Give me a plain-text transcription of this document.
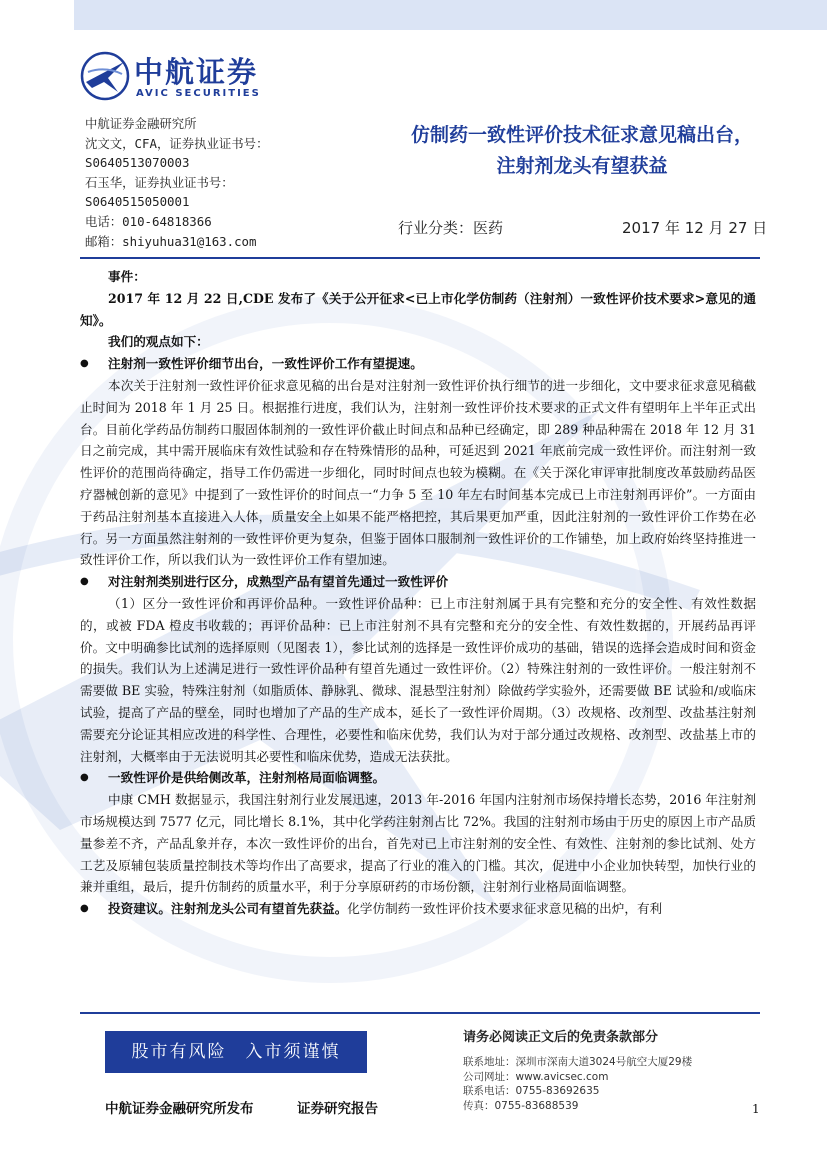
中航证券
AVIC SECURITIES
中航证券金融研究所
沈文文，CFA，证券执业证书号：
S0640513070003
石玉华，证券执业证书号：
S0640515050001
电话：010-64818366
邮箱：shiyuhua31@163.com
仿制药一致性评价技术征求意见稿出台，
注射剂龙头有望获益
行业分类：医药	2017 年 12 月 27 日

事件：

2017 年 12 月 22 日,CDE 发布了《关于公开征求<已上市化学仿制药（注射剂）一致性评价技术要求>意见的通知》。

我们的观点如下：

● 注射剂一致性评价细节出台，一致性评价工作有望提速。

本次关于注射剂一致性评价征求意见稿的出台是对注射剂一致性评价执行细节的进一步细化，文中要求征求意见稿截止时间为 2018 年 1 月 25 日。根据推行进度，我们认为，注射剂一致性评价技术要求的正式文件有望明年上半年正式出台。目前化学药品仿制药口服固体制剂的一致性评价截止时间点和品种已经确定，即 289 种品种需在 2018 年 12 月 31 日之前完成，其中需开展临床有效性试验和存在特殊情形的品种，可延迟到 2021 年底前完成一致性评价。而注射剂一致性评价的范围尚待确定，指导工作仍需进一步细化，同时时间点也较为模糊。在《关于深化审评审批制度改革鼓励药品医疗器械创新的意见》中提到了一致性评价的时间点一“力争 5 至 10 年左右时间基本完成已上市注射剂再评价”。一方面由于药品注射剂基本直接进入人体，质量安全上如果不能严格把控，其后果更加严重，因此注射剂的一致性评价工作势在必行。另一方面虽然注射剂的一致性评价更为复杂，但鉴于固体口服制剂一致性评价的工作铺垫，加上政府始终坚持推进一致性评价工作，所以我们认为一致性评价工作有望加速。

● 对注射剂类别进行区分，成熟型产品有望首先通过一致性评价

（1）区分一致性评价和再评价品种。一致性评价品种：已上市注射剂属于具有完整和充分的安全性、有效性数据的，或被 FDA 橙皮书收载的；再评价品种：已上市注射剂不具有完整和充分的安全性、有效性数据的，开展药品再评价。文中明确参比试剂的选择原则（见图表 1），参比试剂的选择是一致性评价成功的基础，错误的选择会造成时间和资金的损失。我们认为上述满足进行一致性评价品种有望首先通过一致性评价。（2）特殊注射剂的一致性评价。一般注射剂不需要做 BE 实验，特殊注射剂（如脂质体、静脉乳、微球、混悬型注射剂）除做药学实验外，还需要做 BE 试验和/或临床试验，提高了产品的壁垒，同时也增加了产品的生产成本，延长了一致性评价周期。（3）改规格、改剂型、改盐基注射剂需要充分论证其相应改进的科学性、合理性，必要性和临床优势，我们认为对于部分通过改规格、改剂型、改盐基上市的注射剂，大概率由于无法说明其必要性和临床优势，造成无法获批。

● 一致性评价是供给侧改革，注射剂格局面临调整。

中康 CMH 数据显示，我国注射剂行业发展迅速，2013 年-2016 年国内注射剂市场保持增长态势，2016 年注射剂市场规模达到 7577 亿元，同比增长 8.1%，其中化学药注射剂占比 72%。我国的注射剂市场由于历史的原因上市产品质量参差不齐，产品乱象并存，本次一致性评价的出台，首先对已上市注射剂的安全性、有效性、注射剂的参比试剂、处方工艺及原辅包装质量控制技术等均作出了高要求，提高了行业的准入的门槛。其次，促进中小企业加快转型，加快行业的兼并重组，最后，提升仿制药的质量水平，利于分享原研药的市场份额，注射剂行业格局面临调整。

● 投资建议。注射剂龙头公司有望首先获益。化学仿制药一致性评价技术要求征求意见稿的出炉，有利

股市有风险　入市须谨慎
请务必阅读正文后的免责条款部分
联系地址：深圳市深南大道3024号航空大厦29楼
公司网址：www.avicsec.com
联系电话：0755-83692635
传真：0755-83688539
中航证券金融研究所发布	证券研究报告	1
